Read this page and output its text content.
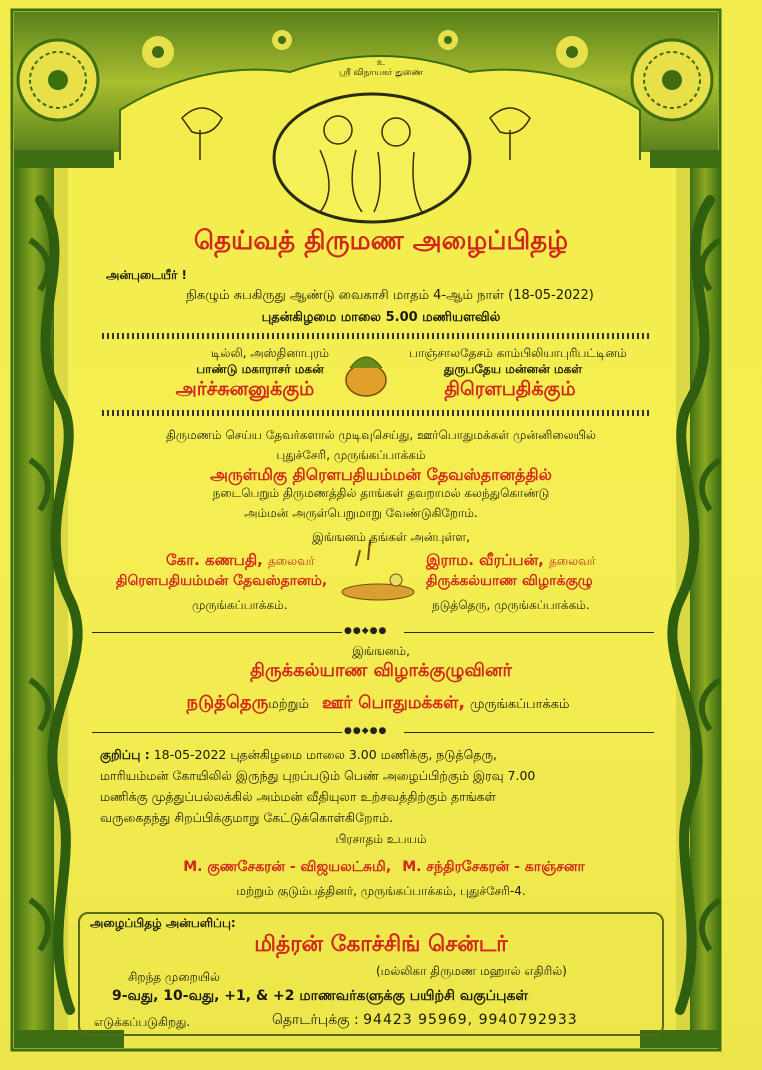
உ
ஸ்ரீ விநாயகர் துணை
தெய்வத் திருமண அழைப்பிதழ்
அன்புடையீர் !
நிகழும் சுபகிருது ஆண்டு வைகாசி மாதம் 4-ஆம் நாள் (18-05-2022)
புதன்கிழமை மாலை 5.00 மணியளவில்
டில்லி, அஸ்தினாபுரம்
பாண்டு மகாராசர் மகன்
அர்ச்சுனனுக்கும்
பாஞ்சாலதேசம் காம்பிலியாபுரிபட்டினம்
துருபதேய மன்னன் மகள்
திரௌபதிக்கும்
திருமணம் செய்ய தேவர்களால் முடிவுசெய்து, ஊர்பொதுமக்கள் முன்னிலையில்
புதுச்சேரி, முருங்கப்பாக்கம்
அருள்மிகு திரௌபதியம்மன் தேவஸ்தானத்தில்
நடைபெறும் திருமணத்தில் தாங்கள் தவறாமல் கலந்துகொண்டு
அம்மன் அருள்பெறுமாறு வேண்டுகிறோம்.
இங்ஙனம் தங்கள் அன்புள்ள,
கோ. கணபதி, தலைவர்
திரௌபதியம்மன் தேவஸ்தானம்,
முருங்கப்பாக்கம்.
இராம. வீரப்பன், தலைவர்
திருக்கல்யாண விழாக்குழு
நடுத்தெரு, முருங்கப்பாக்கம்.
●●◆●●
இங்ஙனம்,
திருக்கல்யாண விழாக்குழுவினர்
நடுத்தெருமற்றும் ஊர் பொதுமக்கள், முருங்கப்பாக்கம்
●●◆●●
குறிப்பு : 18-05-2022 புதன்கிழமை மாலை 3.00 மணிக்கு, நடுத்தெரு,
மாரியம்மன் கோயிலில் இருந்து புறப்படும் பெண் அழைப்பிற்கும் இரவு 7.00
மணிக்கு முத்துப்பல்லக்கில் அம்மன் வீதியுலா உற்சவத்திற்கும் தாங்கள்
வருகைதந்து சிறப்பிக்குமாறு கேட்டுக்கொள்கிறோம்.
பிரசாதம் உபயம்
M. குணசேகரன் - விஜயலட்சுமி, M. சந்திரசேகரன் - காஞ்சனா
மற்றும் குடும்பத்தினர், முருங்கப்பாக்கம், புதுச்சேரி-4.
அழைப்பிதழ் அன்பளிப்பு:
மித்ரன் கோச்சிங் சென்டர்
(மல்லிகா திருமண மஹால் எதிரில்)
சிறந்த முறையில்
9-வது, 10-வது, +1, & +2 மாணவர்களுக்கு பயிற்சி வகுப்புகள்
எடுக்கப்படுகிறது.	தொடர்புக்கு : 94423 95969, 9940792933
